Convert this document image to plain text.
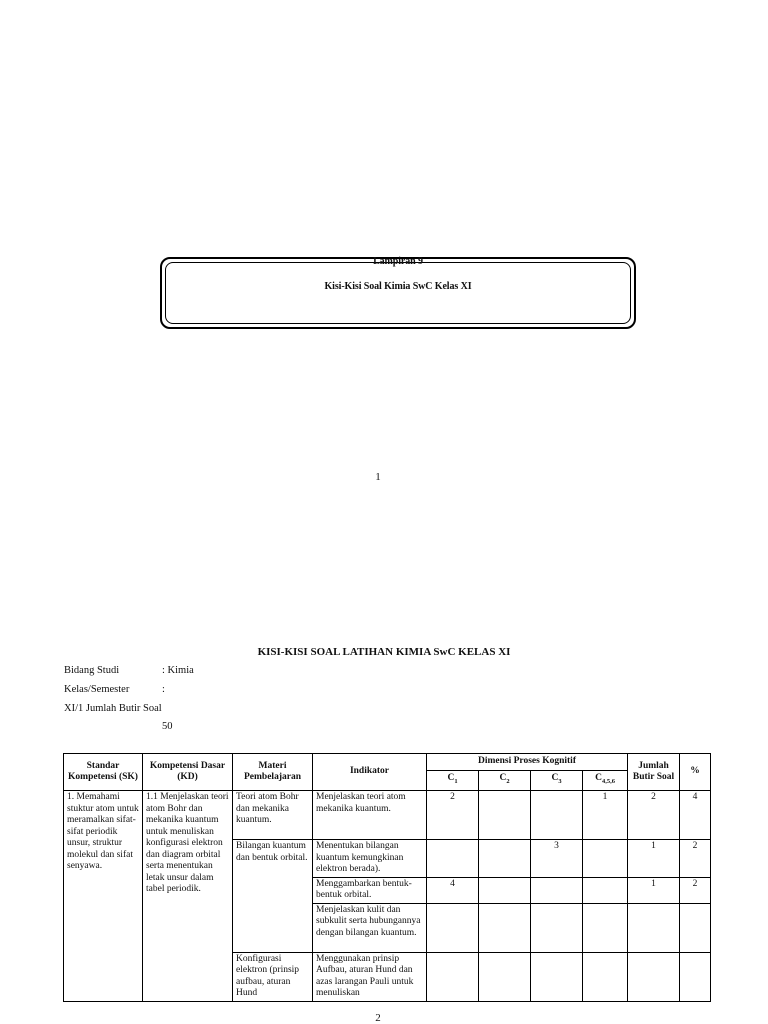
Lampiran 9
Kisi-Kisi Soal Kimia SwC Kelas XI
1
KISI-KISI SOAL LATIHAN KIMIA SwC KELAS XI
Bidang Studi	: Kimia
Kelas/Semester	:
XI/1 Jumlah Butir Soal
50
Standar Kompetensi (SK)	Kompetensi Dasar (KD)	Materi Pembelajaran	Indikator	Dimensi Proses Kognitif				Jumlah Butir Soal	%
				$C_1$	$C_2$	$C_3$	$C_{4,5,6}$
1. Memahami stuktur atom untuk meramalkan sifat-sifat periodik unsur, struktur molekul dan sifat senyawa.	1.1 Menjelaskan teori atom Bohr dan mekanika kuantum untuk menuliskan konfigurasi elektron dan diagram orbital serta menentukan letak unsur dalam tabel periodik.	Teori atom Bohr dan mekanika kuantum.	Menjelaskan teori atom mekanika kuantum.	2			1	2	4
		Bilangan kuantum dan bentuk orbital.	Menentukan bilangan kuantum kemungkinan elektron berada).			3		1	2
			Menggambarkan bentuk-bentuk orbital.	4				1	2
			Menjelaskan kulit dan subkulit serta hubungannya dengan bilangan kuantum.						
		Konfigurasi elektron (prinsip aufbau, aturan Hund	Menggunakan prinsip Aufbau, aturan Hund dan azas larangan Pauli untuk menuliskan						
2
